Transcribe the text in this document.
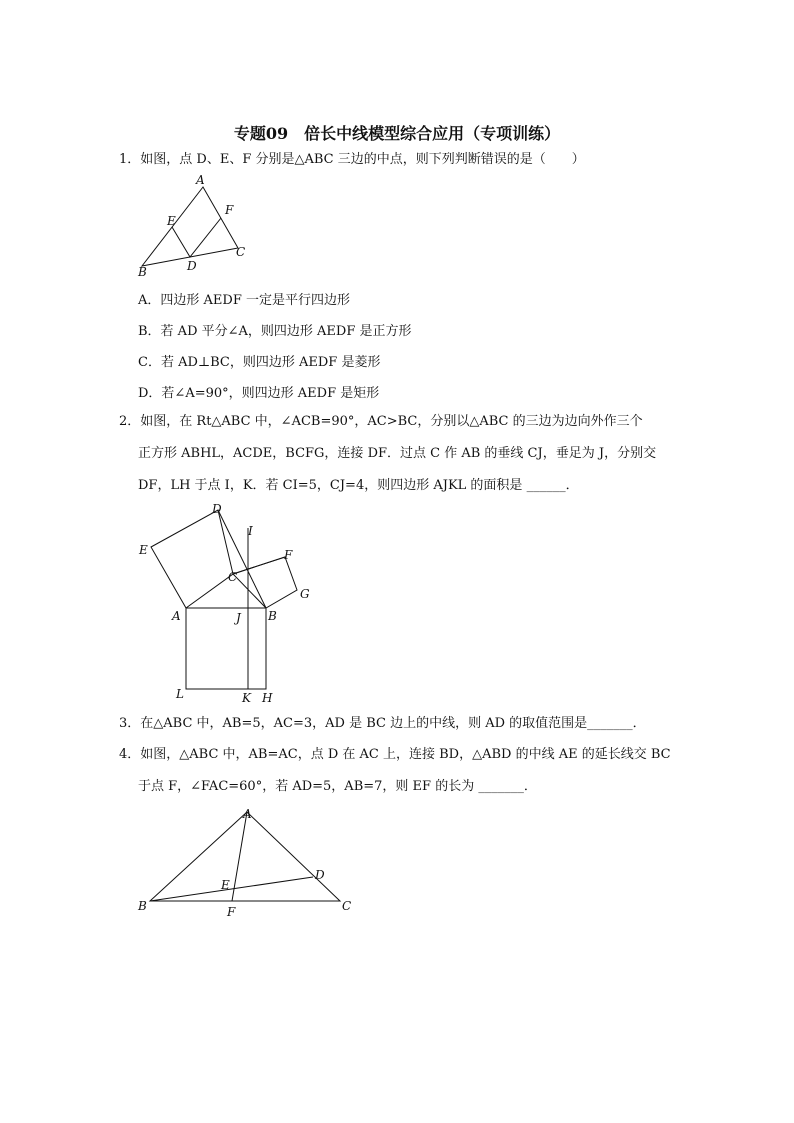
专题09　倍长中线模型综合应用（专项训练）
1．如图，点 D、E、F 分别是△ABC 三边的中点，则下列判断错误的是（　　）
A
E
F
C
D
B
A．四边形 AEDF 一定是平行四边形
B．若 AD 平分∠A，则四边形 AEDF 是正方形
C．若 AD⊥BC，则四边形 AEDF 是菱形
D．若∠A=90°，则四边形 AEDF 是矩形
2．如图，在 Rt△ABC 中，∠ACB=90°，AC>BC，分别以△ABC 的三边为边向外作三个
正方形 ABHL，ACDE，BCFG，连接 DF．过点 C 作 AB 的垂线 CJ，垂足为 J，分别交
DF，LH 于点 I，K．若 CI=5，CJ=4，则四边形 AJKL 的面积是 ______．
D
I
E	F
C
G
A	J B
L	K H
3．在△ABC 中，AB=5，AC=3，AD 是 BC 边上的中线，则 AD 的取值范围是_______．
4．如图，△ABC 中，AB=AC，点 D 在 AC 上，连接 BD，△ABD 的中线 AE 的延长线交 BC
于点 F，∠FAC=60°，若 AD=5，AB=7，则 EF 的长为 _______．
A
D
E
B	F	C
